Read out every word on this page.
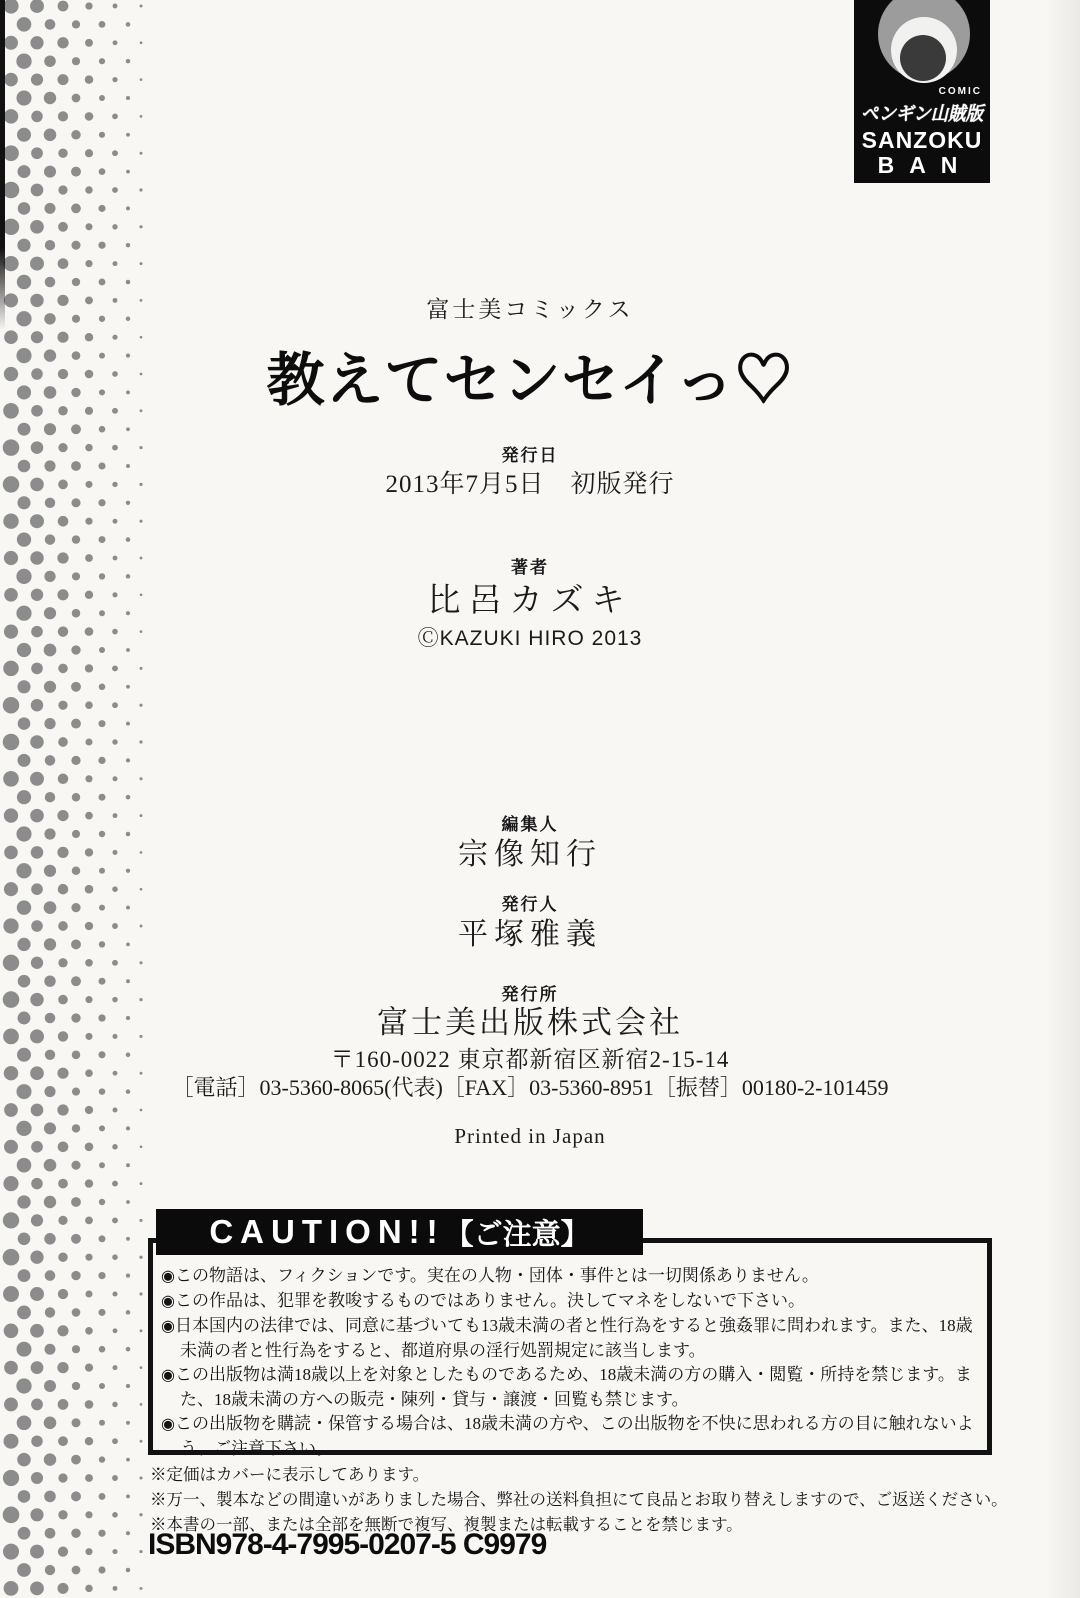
COMIC
ペンギン山賊版
SANZOKU
BAN
富士美コミックス
教えてセンセイっ♡
発行日
2013年7月5日　初版発行
著者
比呂カズキ
ⒸKAZUKI HIRO 2013
編集人
宗像知行
発行人
平塚雅義
発行所
富士美出版株式会社
〒160-0022 東京都新宿区新宿2-15-14
［電話］03-5360-8065(代表)［FAX］03-5360-8951［振替］00180-2-101459
Printed in Japan
CAUTION!! 【ご注意】
◉この物語は、フィクションです。実在の人物・団体・事件とは一切関係ありません。
◉この作品は、犯罪を教唆するものではありません。決してマネをしないで下さい。
◉日本国内の法律では、同意に基づいても13歳未満の者と性行為をすると強姦罪に問われます。また、18歳未満の者と性行為をすると、都道府県の淫行処罰規定に該当します。
◉この出版物は満18歳以上を対象としたものであるため、18歳未満の方の購入・閲覧・所持を禁じます。また、18歳未満の方への販売・陳列・貸与・譲渡・回覧も禁じます。
◉この出版物を購読・保管する場合は、18歳未満の方や、この出版物を不快に思われる方の目に触れないよう、ご注意下さい。
※定価はカバーに表示してあります。
※万一、製本などの間違いがありました場合、弊社の送料負担にて良品とお取り替えしますので、ご返送ください。
※本書の一部、または全部を無断で複写、複製または転載することを禁じます。
ISBN978-4-7995-0207-5 C9979
